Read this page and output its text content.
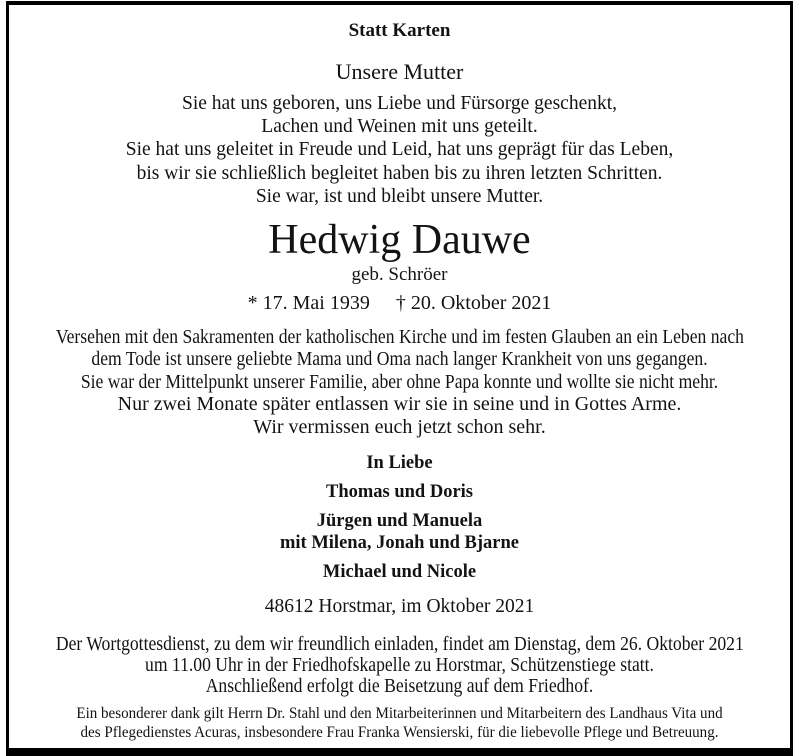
Statt Karten
Unsere Mutter
Sie hat uns geboren, uns Liebe und Fürsorge geschenkt,
Lachen und Weinen mit uns geteilt.
Sie hat uns geleitet in Freude und Leid, hat uns geprägt für das Leben,
bis wir sie schließlich begleitet haben bis zu ihren letzten Schritten.
Sie war, ist und bleibt unsere Mutter.
Hedwig Dauwe
geb. Schröer
* 17. Mai 1939 † 20. Oktober 2021
Versehen mit den Sakramenten der katholischen Kirche und im festen Glauben an ein Leben nach
dem Tode ist unsere geliebte Mama und Oma nach langer Krankheit von uns gegangen.
Sie war der Mittelpunkt unserer Familie, aber ohne Papa konnte und wollte sie nicht mehr.
Nur zwei Monate später entlassen wir sie in seine und in Gottes Arme.
Wir vermissen euch jetzt schon sehr.
In Liebe
Thomas und Doris
Jürgen und Manuela
mit Milena, Jonah und Bjarne
Michael und Nicole
48612 Horstmar, im Oktober 2021
Der Wortgottesdienst, zu dem wir freundlich einladen, findet am Dienstag, dem 26. Oktober 2021
um 11.00 Uhr in der Friedhofskapelle zu Horstmar, Schützenstiege statt.
Anschließend erfolgt die Beisetzung auf dem Friedhof.
Ein besonderer dank gilt Herrn Dr. Stahl und den Mitarbeiterinnen und Mitarbeitern des Landhaus Vita und
des Pflegedienstes Acuras, insbesondere Frau Franka Wensierski, für die liebevolle Pflege und Betreuung.
